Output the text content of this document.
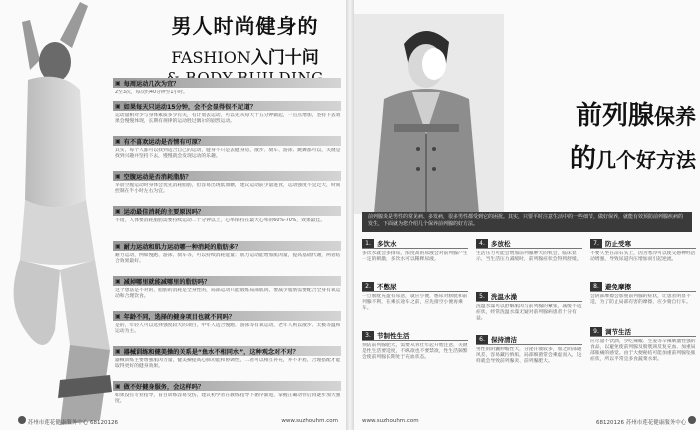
男人时尚健身的
FASHION入门十问
▣ 每周运动几次为宜？
2至3次，每次约40分钟至1小时。
▣ 如果每天只运动15分钟，会不会显得很不足道？
运动量相对少与身体素质多少有关，有计划去运动，可以先从每天十五分钟做起，一点点增加，坚持下去效果会慢慢体现，长期有规律的运动胜过偶尔的剧烈运动。
▣ 有不喜欢运动是否情有可原？
其实，每个人都可以找到适合自己的运动，健身不只是去健身房，散步、骑车、游泳、跳舞都可以，关键是找到兴趣并坚持下去，慢慢就会发现运动的乐趣。
▣ 空腹运动是否消耗脂肪？
早晨空腹运动时身体会优先消耗脂肪，但容易出现低血糖，建议运动前少量进食，运动强度不宜过大，时间控制在半小时左右为宜。
▣ 运动最佳消耗的主要原因吗？
不错，人体要消耗脂肪需要持续运动二十分钟以上，心率保持在最大心率的60%-70%，效果最佳。
▣ 耐力运动和肌力运动哪一种消耗的脂肪多？
耐力运动，例如慢跑、游泳、骑车等，可以持续消耗能量；肌力运动能增加肌肉量，提高基础代谢，两者结合效果最好。
▣ 减掉哪里就能减哪里的脂肪吗？
这个想法是不对的，脂肪的消耗是全身性的，局部运动只能锻炼局部肌肉，要减少脂肪需要配合全身有氧运动和合理饮食。
▣ 年龄不同，选择的健身项目也就不同吗？
是的，年轻人可以选择强度较大的项目，中年人适合慢跑、游泳等有氧运动，老年人则以散步、太极等温和运动为主。
▣ 器械训练和健美操的关系是“鱼水不相同水”，这种观念对不对？
器械训练主要增强肌肉力量，健美操提高心肺功能和协调性，二者可以相互补充，并不矛盾，合理搭配才能取得更好的健身效果。
▣ 做不好健身服务，会这样吗？
如果没有专业指导，盲目训练容易受伤，建议初学者在教练指导下循序渐进，掌握正确动作后再逐步加大强度。
苏州市莲花健康服务中心 68120126	www.suzhouhm.com
前列腺保养
的几个好方法
前列腺炎是男性的常见病、多发病，很多男性都受到它的困扰。其实，只要平时注意生活中的一些细节，做好保养，就能有效预防前列腺疾病的发生，下面就为您介绍几个保养前列腺的好方法。
1. 多饮水
多饮水就会多排尿，浓度高的尿液会对前列腺产生一定的刺激，多饮水可以稀释尿液。
2. 不憋尿
一旦膀胱充盈有尿意，就应小便，憋尿对膀胱和前列腺不利，在乘长途车之前，应先排空小便再乘车。
3. 节制性生活
预防前列腺肥大，需要从青壮年起开始注意，关键是性生活要适度，不纵欲也不要禁欲，性生活频繁会使前列腺长期处于充血状态。
4. 多放松
生活压力可能会增加前列腺肿大的机会，临床显示，当生活压力减缓时，前列腺症状会得到舒缓。
5. 洗温水澡
洗温水澡可以舒解肌肉与前列腺的紧张，减缓不适症状，经常洗温水澡无疑对前列腺病患者十分有益。
6. 保持清洁
男性的阴囊伸缩性大，分泌汗液较多，加之阴部通风差，容易藏污纳垢，局部细菌常会乘虚而入，这样就会导致前列腺炎、前列腺肥大。
7. 防止受寒
不要久坐在凉石头上，因为寒冷可以使交感神经活动增强，导致尿道内压增加而引起逆流。
8. 避免摩擦
会阴部摩擦会加重前列腺的症状，让患者明显不适，为了防止局部有害的摩擦，应少骑自行车。
9. 调节生活
应尽量不饮酒，少吃辣椒、生姜等辛辣刺激性强的食品，以避免使前列腺及膀胱颈反复充血、加重局部胀痛的感觉。由于大便秘结可能加重前列腺坠胀症状，所以平常宜多食蔬菜水果。
www.suzhouhm.com	68120126 苏州市莲花健康服务中心
